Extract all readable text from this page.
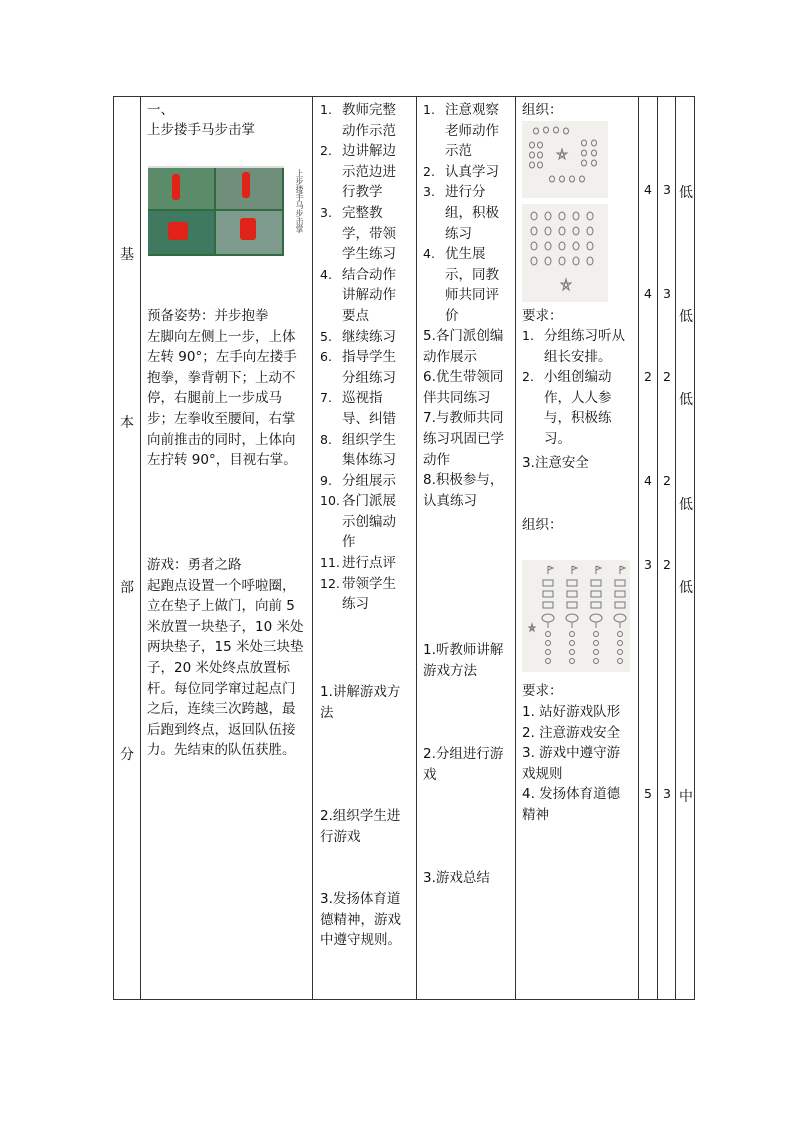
基
本
部
分
一、
上步搂手马步击掌
上步搂手马步击掌
预备姿势：并步抱拳
左脚向左侧上一步，上体
左转 90°；左手向左搂手
抱拳，拳背朝下；上动不
停，右腿前上一步成马
步；左拳收至腰间，右掌
向前推击的同时，上体向
左拧转 90°，目视右掌。
游戏：勇者之路
起跑点设置一个呼啦圈，
立在垫子上做门，向前 5
米放置一块垫子，10 米处
两块垫子，15 米处三块垫
子，20 米处终点放置标
杆。每位同学窜过起点门
之后，连续三次跨越，最
后跑到终点，返回队伍接
力。先结束的队伍获胜。
1. 教师完整
动作示范
2. 边讲解边
示范边进
行教学
3. 完整教
学，带领
学生练习
4. 结合动作
讲解动作
要点
5. 继续练习
6. 指导学生
分组练习
7. 巡视指
导、纠错
8. 组织学生
集体练习
9. 分组展示
10. 各门派展
示创编动
作
11. 进行点评
12. 带领学生
练习
1.讲解游戏方
法
2.组织学生进
行游戏
3.发扬体育道
德精神，游戏
中遵守规则。
1. 注意观察
老师动作
示范
2. 认真学习
3. 进行分
组，积极
练习
4. 优生展
示，同教
师共同评
价
5.各门派创编
动作展示
6.优生带领同
伴共同练习
7.与教师共同
练习巩固已学
动作
8.积极参与，
认真练习
1.听教师讲解
游戏方法
2.分组进行游
戏
3.游戏总结
组织：
要求：
1. 分组练习听从
组长安排。
2. 小组创编动
作，人人参
与，积极练
习。
3.注意安全
组织：
要求：
1. 站好游戏队形
2. 注意游戏安全
3. 游戏中遵守游
戏规则
4. 发扬体育道德
精神
4
4
2
4
3
5
3
3
2
2
2
3
低
低
低
低
低
中
